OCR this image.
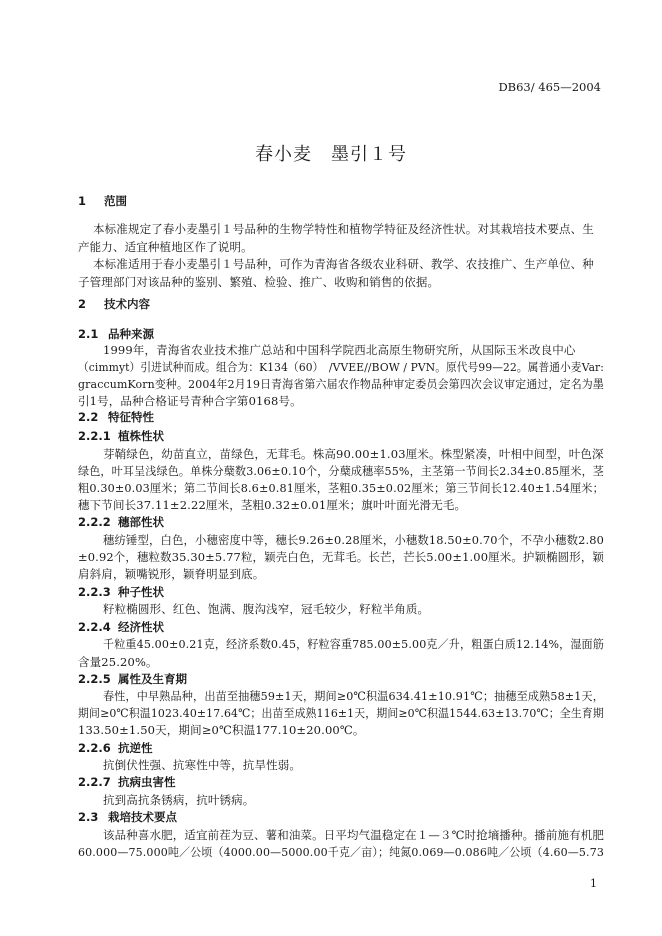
DB63/ 465—2004
春小麦　墨引１号
1 范围
本标准规定了春小麦墨引１号品种的生物学特性和植物学特征及经济性状。对其栽培技术要点、生
产能力、适宜种植地区作了说明。
本标准适用于春小麦墨引１号品种，可作为青海省各级农业科研、教学、农技推广、生产单位、种
子管理部门对该品种的鉴别、繁殖、检验、推广、收购和销售的依据。
2 技术内容
2.1 品种来源
1999年，青海省农业技术推广总站和中国科学院西北高原生物研究所，从国际玉米改良中心
（cimmyt）引进试种而成。组合为：K134（60）　/VVEE//BOW / PVN。原代号99—22。属普通小麦Var:
graccumKorn变种。2004年2月19日青海省第六届农作物品种审定委员会第四次会议审定通过，定名为墨
引1号，品种合格证号青种合字第0168号。
2.2 特征特性
2.2.1 植株性状
芽鞘绿色，幼苗直立，苗绿色，无茸毛。株高90.00±1.03厘米。株型紧凑，叶相中间型，叶色深
绿色，叶耳呈浅绿色。单株分蘖数3.06±0.10个，分蘖成穗率55%，主茎第一节间长2.34±0.85厘米，茎
粗0.30±0.03厘米；第二节间长8.6±0.81厘米，茎粗0.35±0.02厘米；第三节间长12.40±1.54厘米；
穗下节间长37.11±2.22厘米，茎粗0.32±0.01厘米；旗叶叶面光滑无毛。
2.2.2 穗部性状
穗纺锤型，白色，小穗密度中等，穗长9.26±0.28厘米，小穗数18.50±0.70个，不孕小穗数2.80
±0.92个，穗粒数35.30±5.77粒，颖壳白色，无茸毛。长芒，芒长5.00±1.00厘米。护颖椭圆形，颖
肩斜肩，颖嘴锐形，颖脊明显到底。
2.2.3 种子性状
籽粒椭圆形、红色、饱满、腹沟浅窄，冠毛较少，籽粒半角质。
2.2.4 经济性状
千粒重45.00±0.21克，经济系数0.45，籽粒容重785.00±5.00克／升，粗蛋白质12.14%，湿面筋
含量25.20%。
2.2.5 属性及生育期
春性，中早熟品种，出苗至抽穗59±1天，期间≥0℃积温634.41±10.91℃；抽穗至成熟58±1天，
期间≥0℃积温1023.40±17.64℃；出苗至成熟116±1天，期间≥0℃积温1544.63±13.70℃；全生育期
133.50±1.50天，期间≥0℃积温177.10±20.00℃。
2.2.6 抗逆性
抗倒伏性强、抗寒性中等，抗旱性弱。
2.2.7 抗病虫害性
抗到高抗条锈病，抗叶锈病。
2.3 栽培技术要点
该品种喜水肥，适宜前茬为豆、薯和油菜。日平均气温稳定在１—３℃时抢墒播种。播前施有机肥
60.000—75.000吨／公顷（4000.00—5000.00千克／亩）；纯氮0.069—0.086吨／公顷（4.60—5.73
1
